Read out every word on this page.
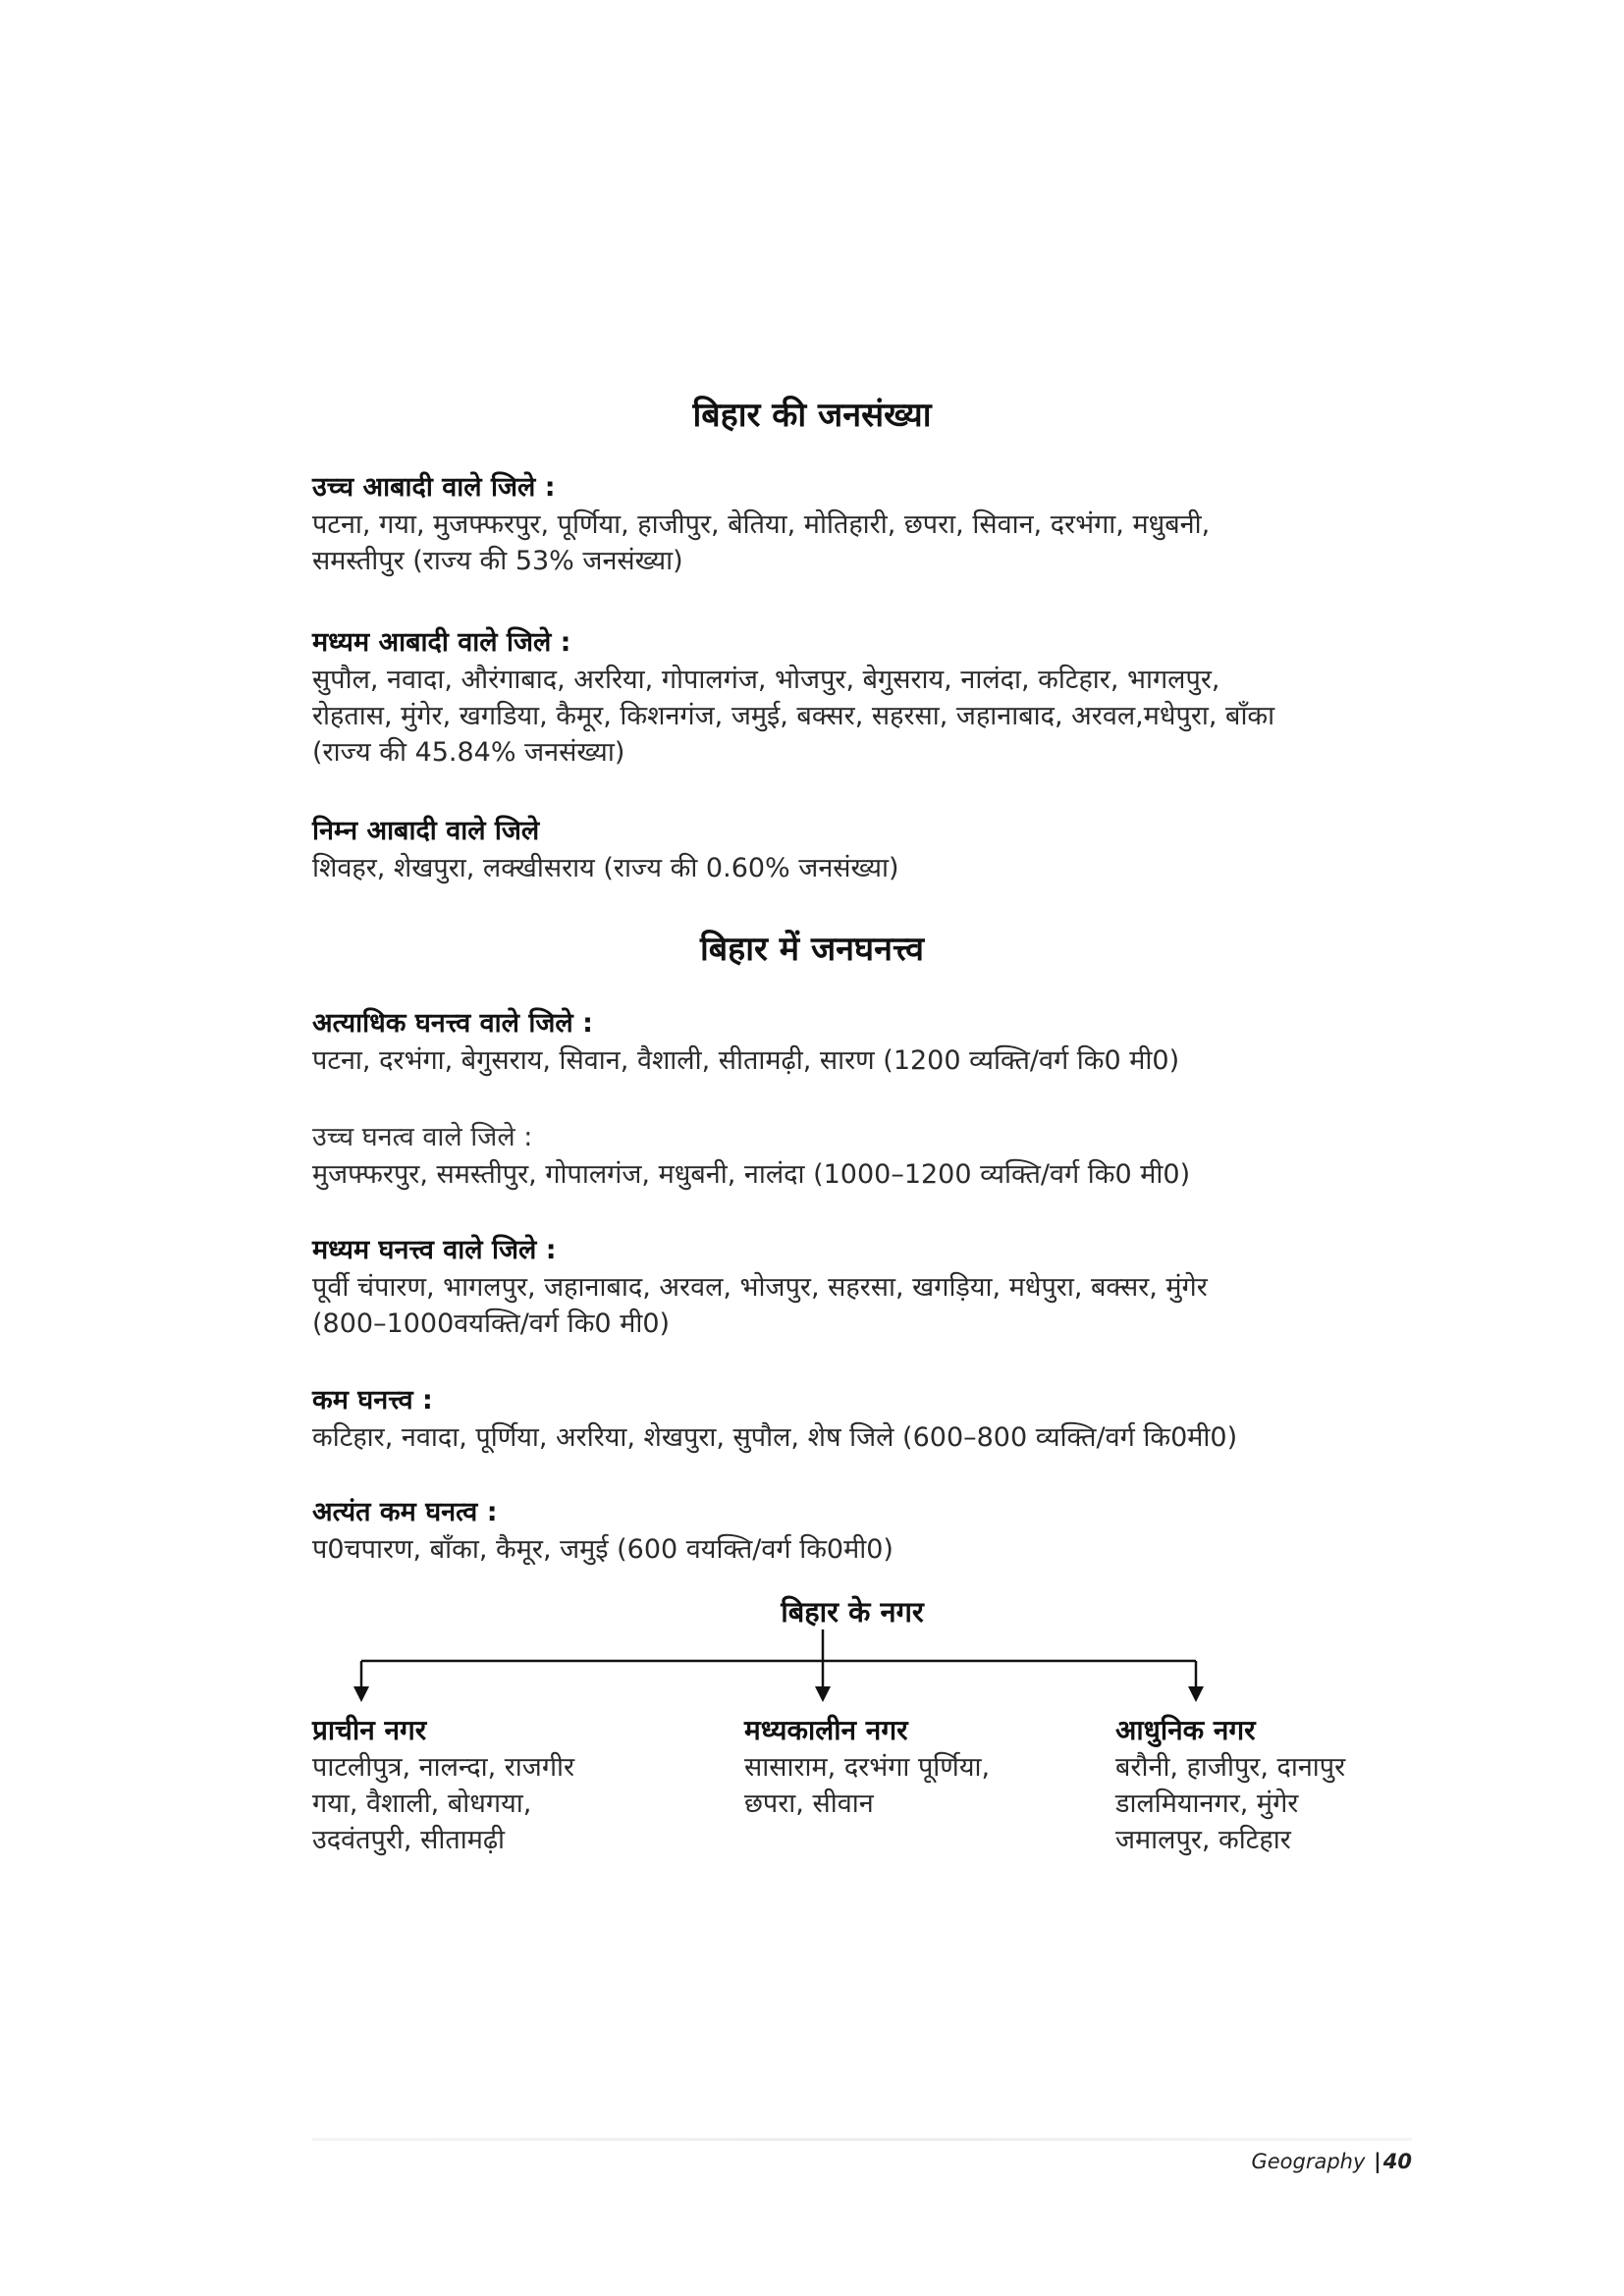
बिहार की जनसंख्या
उच्च आबादी वाले जिले :
पटना, गया, मुजफ्फरपुर, पूर्णिया, हाजीपुर, बेतिया, मोतिहारी, छपरा, सिवान, दरभंगा, मधुबनी,
समस्तीपुर (राज्य की 53% जनसंख्या)
मध्यम आबादी वाले जिले :
सुपौल, नवादा, औरंगाबाद, अररिया, गोपालगंज, भोजपुर, बेगुसराय, नालंदा, कटिहार, भागलपुर,
रोहतास, मुंगेर, खगडिया, कैमूर, किशनगंज, जमुई, बक्सर, सहरसा, जहानाबाद, अरवल,मधेपुरा, बाँका
(राज्य की 45.84% जनसंख्या)
निम्न आबादी वाले जिले
शिवहर, शेखपुरा, लक्खीसराय (राज्य की 0.60% जनसंख्या)
बिहार में जनघनत्त्व
अत्याधिक घनत्त्व वाले जिले :
पटना, दरभंगा, बेगुसराय, सिवान, वैशाली, सीतामढ़ी, सारण (1200 व्यक्ति/वर्ग कि0 मी0)
उच्च घनत्व वाले जिले :
मुजफ्फरपुर, समस्तीपुर, गोपालगंज, मधुबनी, नालंदा (1000–1200 व्यक्ति/वर्ग कि0 मी0)
मध्यम घनत्त्व वाले जिले :
पूर्वी चंपारण, भागलपुर, जहानाबाद, अरवल, भोजपुर, सहरसा, खगड़िया, मधेपुरा, बक्सर, मुंगेर
(800–1000वयक्ति/वर्ग कि0 मी0)
कम घनत्त्व :
कटिहार, नवादा, पूर्णिया, अररिया, शेखपुरा, सुपौल, शेष जिले (600–800 व्यक्ति/वर्ग कि0मी0)
अत्यंत कम घनत्व :
प0चपारण, बाँका, कैमूर, जमुई (600 वयक्ति/वर्ग कि0मी0)
बिहार के नगर
प्राचीन नगर
पाटलीपुत्र, नालन्दा, राजगीर
गया, वैशाली, बोधगया,
उदवंतपुरी, सीतामढ़ी
मध्यकालीन नगर
सासाराम, दरभंगा पूर्णिया,
छपरा, सीवान
आधुनिक नगर
बरौनी, हाजीपुर, दानापुर
डालमियानगर, मुंगेर
जमालपुर, कटिहार
Geography |40
